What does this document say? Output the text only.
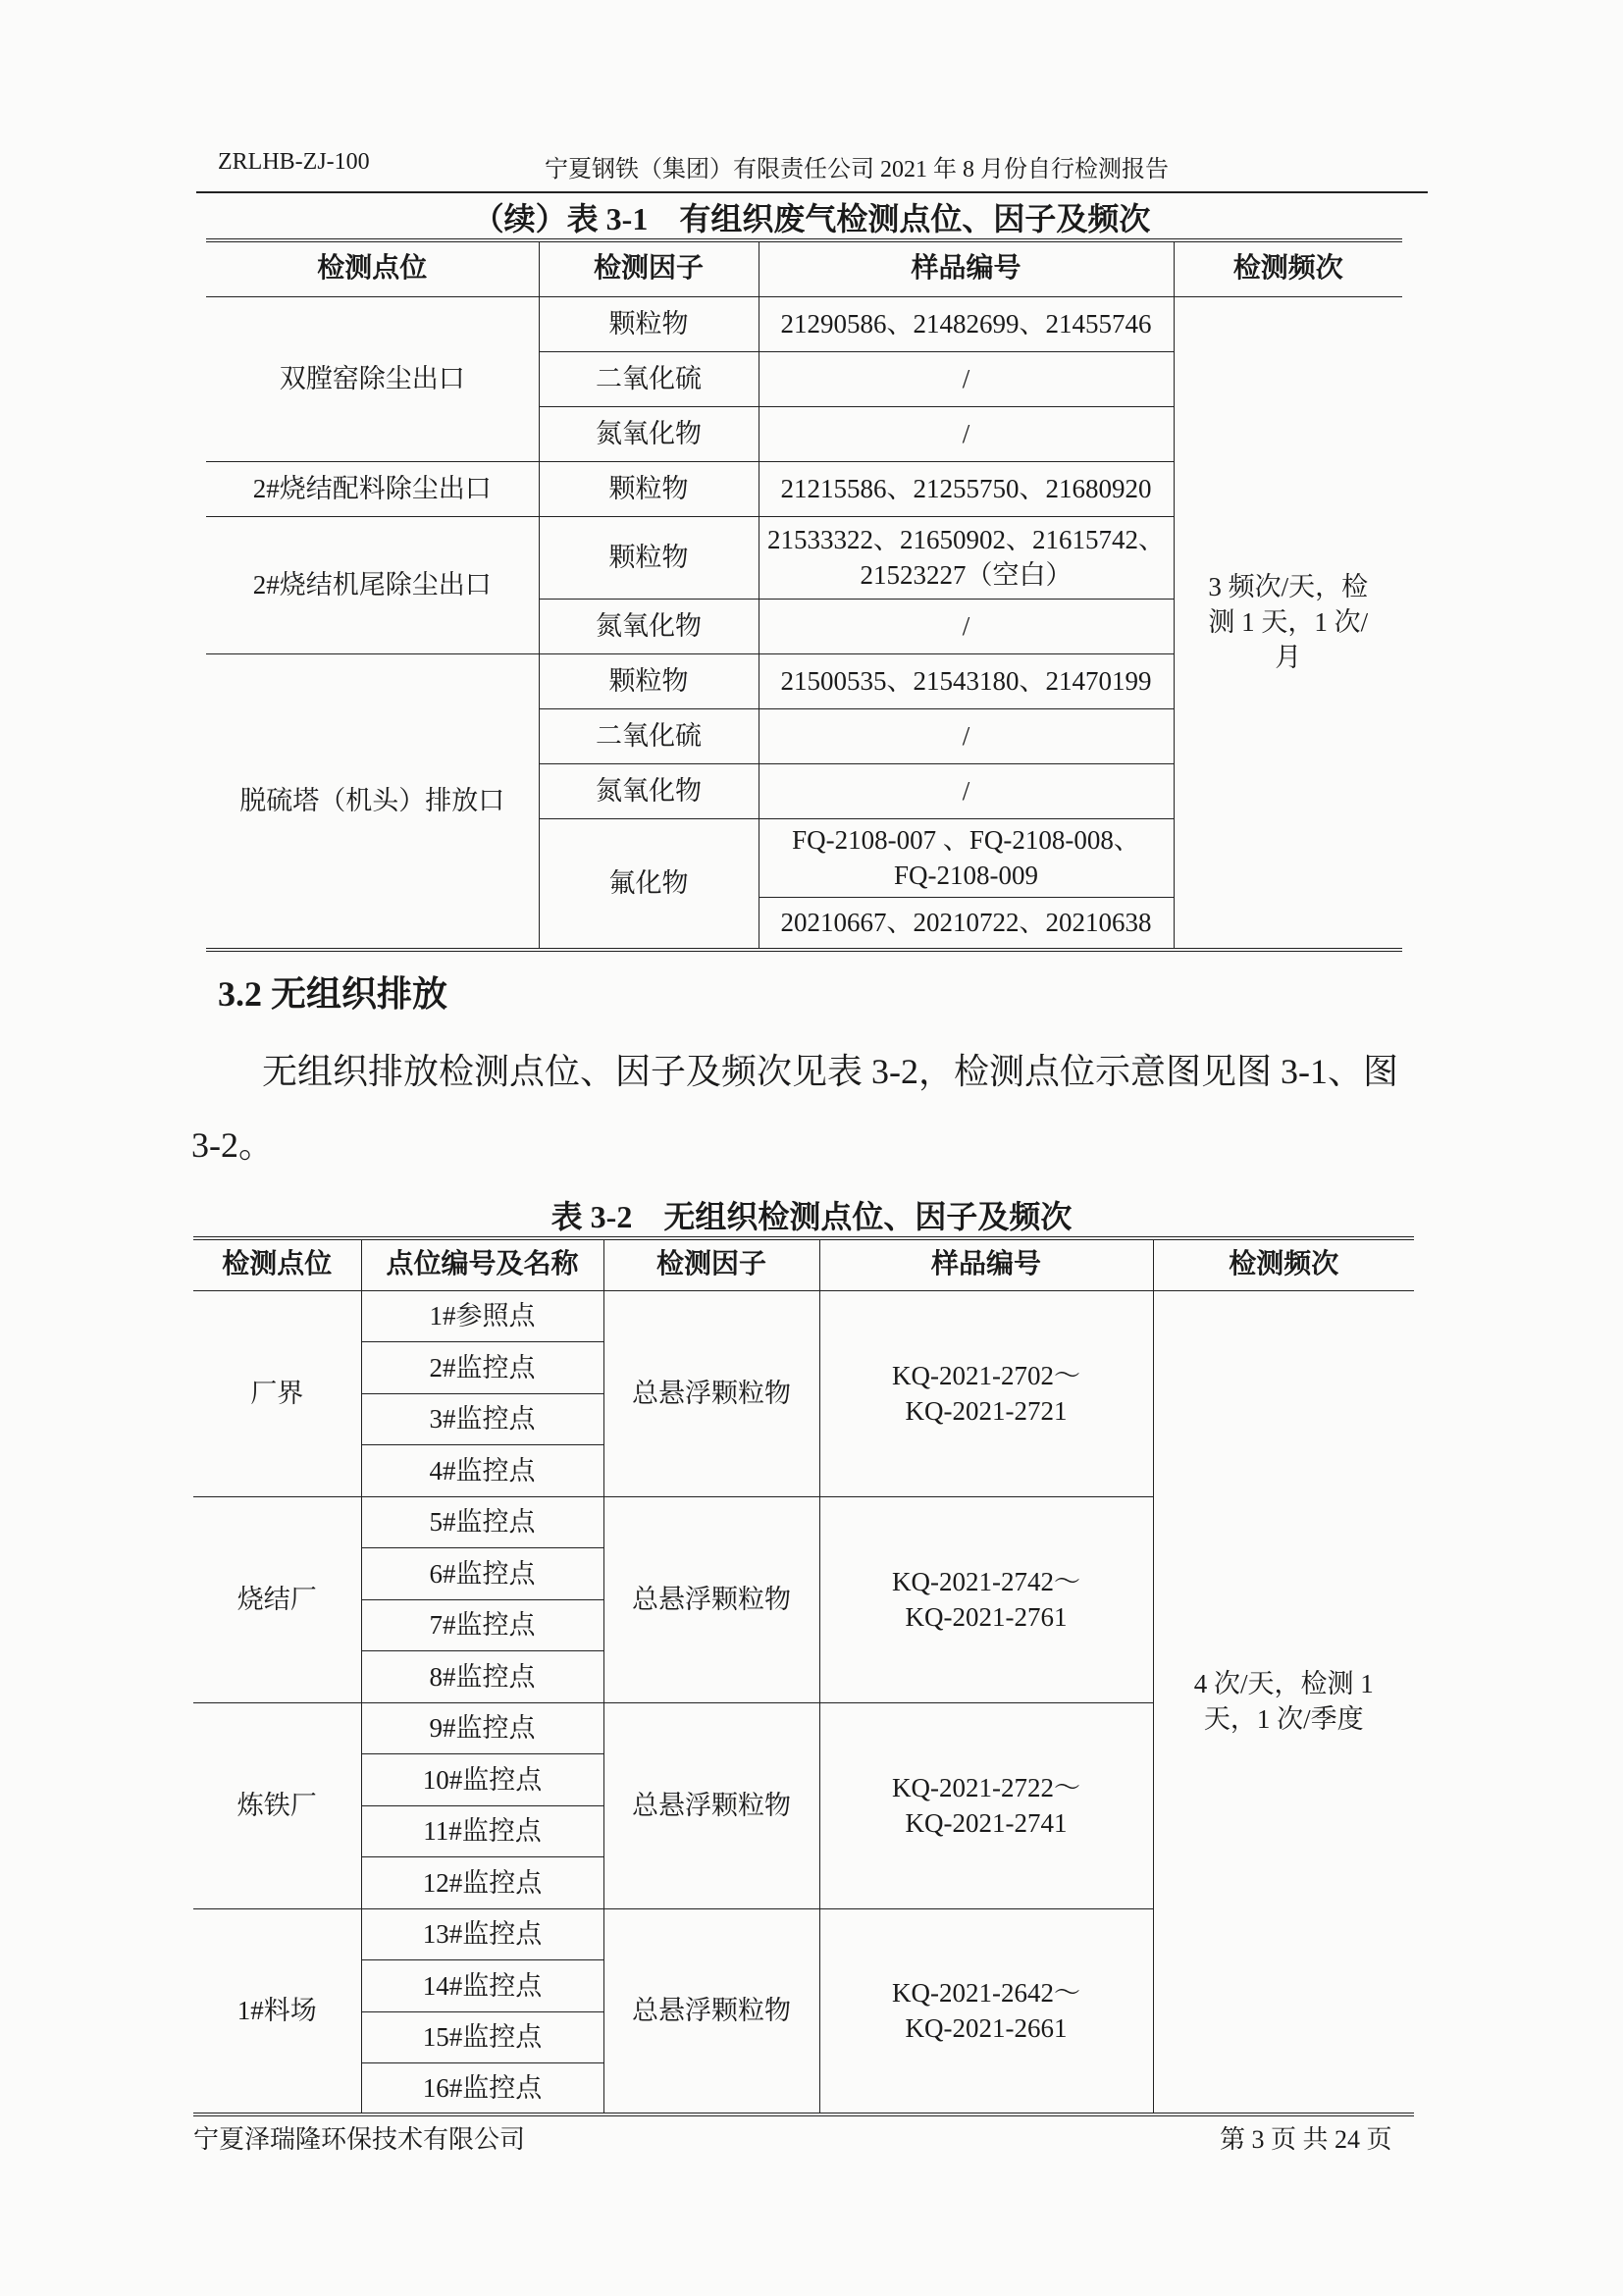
ZRLHB-ZJ-100	宁夏钢铁（集团）有限责任公司 2021 年 8 月份自行检测报告
（续）表 3-1　有组织废气检测点位、因子及频次
检测点位	检测因子	样品编号	检测频次
双膛窑除尘出口	颗粒物	21290586、21482699、21455746	3 频次/天，检测 1 天，1 次/月
	二氧化硫	/	
	氮氧化物	/	
2#烧结配料除尘出口	颗粒物	21215586、21255750、21680920	
2#烧结机尾除尘出口	颗粒物	21533322、21650902、21615742、21523227（空白）	
	氮氧化物	/	
脱硫塔（机头）排放口	颗粒物	21500535、21543180、21470199	
	二氧化硫	/	
	氮氧化物	/	
	氟化物	FQ-2108-007 、FQ-2108-008、FQ-2108-009	
		20210667、20210722、20210638	
3.2 无组织排放
无组织排放检测点位、因子及频次见表 3-2，检测点位示意图见图 3-1、图 3-2。
表 3-2　无组织检测点位、因子及频次
检测点位	点位编号及名称	检测因子	样品编号	检测频次
厂界	1#参照点	总悬浮颗粒物	KQ-2021-2702～KQ-2021-2721	4 次/天，检测 1 天，1 次/季度
	2#监控点			
	3#监控点			
	4#监控点			
烧结厂	5#监控点	总悬浮颗粒物	KQ-2021-2742～KQ-2021-2761	
	6#监控点			
	7#监控点			
	8#监控点			
炼铁厂	9#监控点	总悬浮颗粒物	KQ-2021-2722～KQ-2021-2741	
	10#监控点			
	11#监控点			
	12#监控点			
1#料场	13#监控点	总悬浮颗粒物	KQ-2021-2642～KQ-2021-2661	
	14#监控点			
	15#监控点			
	16#监控点			
宁夏泽瑞隆环保技术有限公司	第 3 页 共 24 页
